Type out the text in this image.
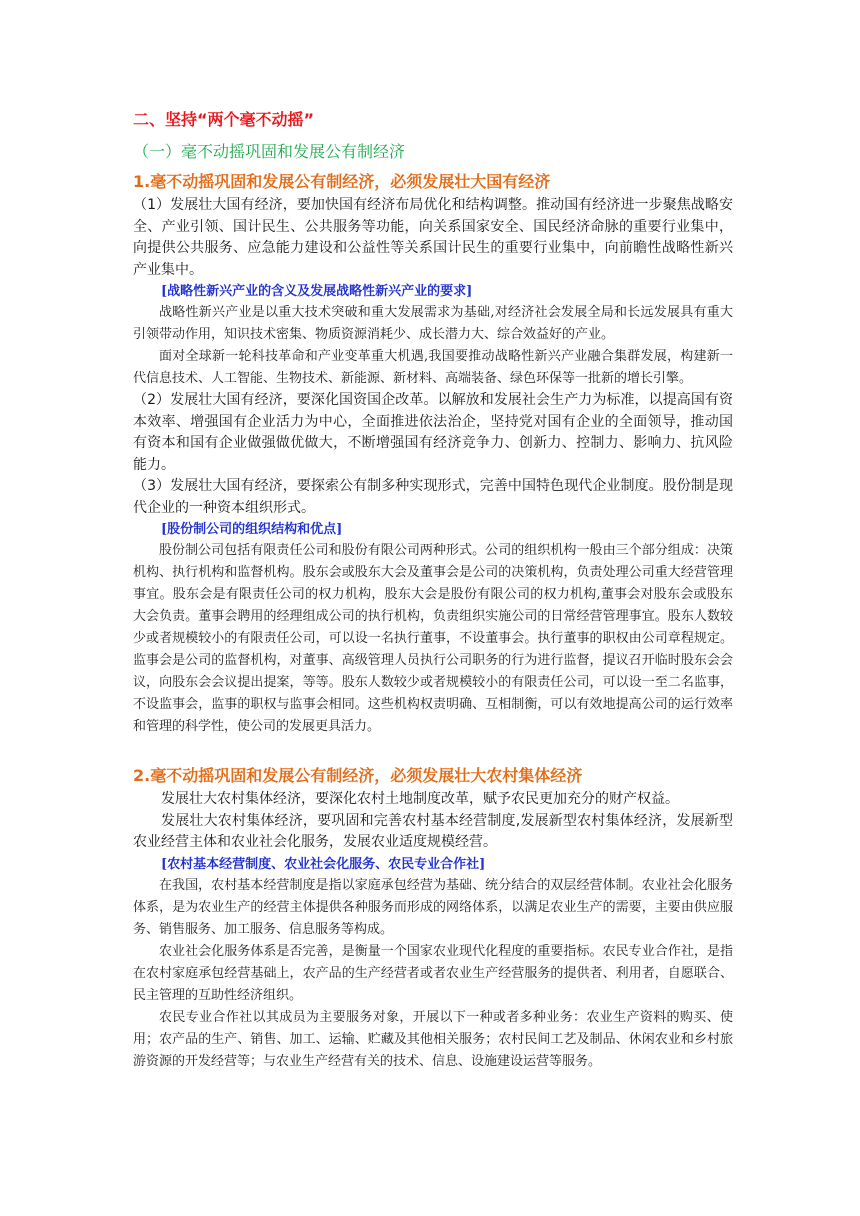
二、坚持“两个毫不动摇”
（一）毫不动摇巩固和发展公有制经济
1.毫不动摇巩固和发展公有制经济，必须发展壮大国有经济

（1）发展壮大国有经济，要加快国有经济布局优化和结构调整。推动国有经济进一步聚焦战略安全、产业引领、国计民生、公共服务等功能，向关系国家安全、国民经济命脉的重要行业集中，向提供公共服务、应急能力建设和公益性等关系国计民生的重要行业集中，向前瞻性战略性新兴产业集中。

[战略性新兴产业的含义及发展战略性新兴产业的要求]

战略性新兴产业是以重大技术突破和重大发展需求为基础,对经济社会发展全局和长远发展具有重大引领带动作用，知识技术密集、物质资源消耗少、成长潜力大、综合效益好的产业。

面对全球新一轮科技革命和产业变革重大机遇,我国要推动战略性新兴产业融合集群发展，构建新一代信息技术、人工智能、生物技术、新能源、新材料、高端装备、绿色环保等一批新的增长引擎。

（2）发展壮大国有经济，要深化国资国企改革。以解放和发展社会生产力为标准，以提高国有资本效率、增强国有企业活力为中心，全面推进依法治企，坚持党对国有企业的全面领导，推动国有资本和国有企业做强做优做大，不断增强国有经济竞争力、创新力、控制力、影响力、抗风险能力。

（3）发展壮大国有经济，要探索公有制多种实现形式，完善中国特色现代企业制度。股份制是现代企业的一种资本组织形式。

[股份制公司的组织结构和优点]

股份制公司包括有限责任公司和股份有限公司两种形式。公司的组织机构一般由三个部分组成：决策机构、执行机构和监督机构。股东会或股东大会及董事会是公司的决策机构，负责处理公司重大经营管理事宜。股东会是有限责任公司的权力机构，股东大会是股份有限公司的权力机构,董事会对股东会或股东大会负责。董事会聘用的经理组成公司的执行机构，负责组织实施公司的日常经营管理事宜。股东人数较少或者规模较小的有限责任公司，可以设一名执行董事，不设董事会。执行董事的职权由公司章程规定。监事会是公司的监督机构，对董事、高级管理人员执行公司职务的行为进行监督，提议召开临时股东会会议，向股东会会议提出提案，等等。股东人数较少或者规模较小的有限责任公司，可以设一至二名监事，不设监事会，监事的职权与监事会相同。这些机构权责明确、互相制衡，可以有效地提高公司的运行效率和管理的科学性，使公司的发展更具活力。

2.毫不动摇巩固和发展公有制经济，必须发展壮大农村集体经济

发展壮大农村集体经济，要深化农村土地制度改革，赋予农民更加充分的财产权益。

发展壮大农村集体经济，要巩固和完善农村基本经营制度,发展新型农村集体经济，发展新型农业经营主体和农业社会化服务，发展农业适度规模经营。

[农村基本经营制度、农业社会化服务、农民专业合作社]

在我国，农村基本经营制度是指以家庭承包经营为基础、统分结合的双层经营体制。农业社会化服务体系，是为农业生产的经营主体提供各种服务而形成的网络体系，以满足农业生产的需要，主要由供应服务、销售服务、加工服务、信息服务等构成。

农业社会化服务体系是否完善，是衡量一个国家农业现代化程度的重要指标。农民专业合作社，是指在农村家庭承包经营基础上，农产品的生产经营者或者农业生产经营服务的提供者、利用者，自愿联合、民主管理的互助性经济组织。

农民专业合作社以其成员为主要服务对象，开展以下一种或者多种业务：农业生产资料的购买、使用；农产品的生产、销售、加工、运输、贮藏及其他相关服务；农村民间工艺及制品、休闲农业和乡村旅游资源的开发经营等；与农业生产经营有关的技术、信息、设施建设运营等服务。
